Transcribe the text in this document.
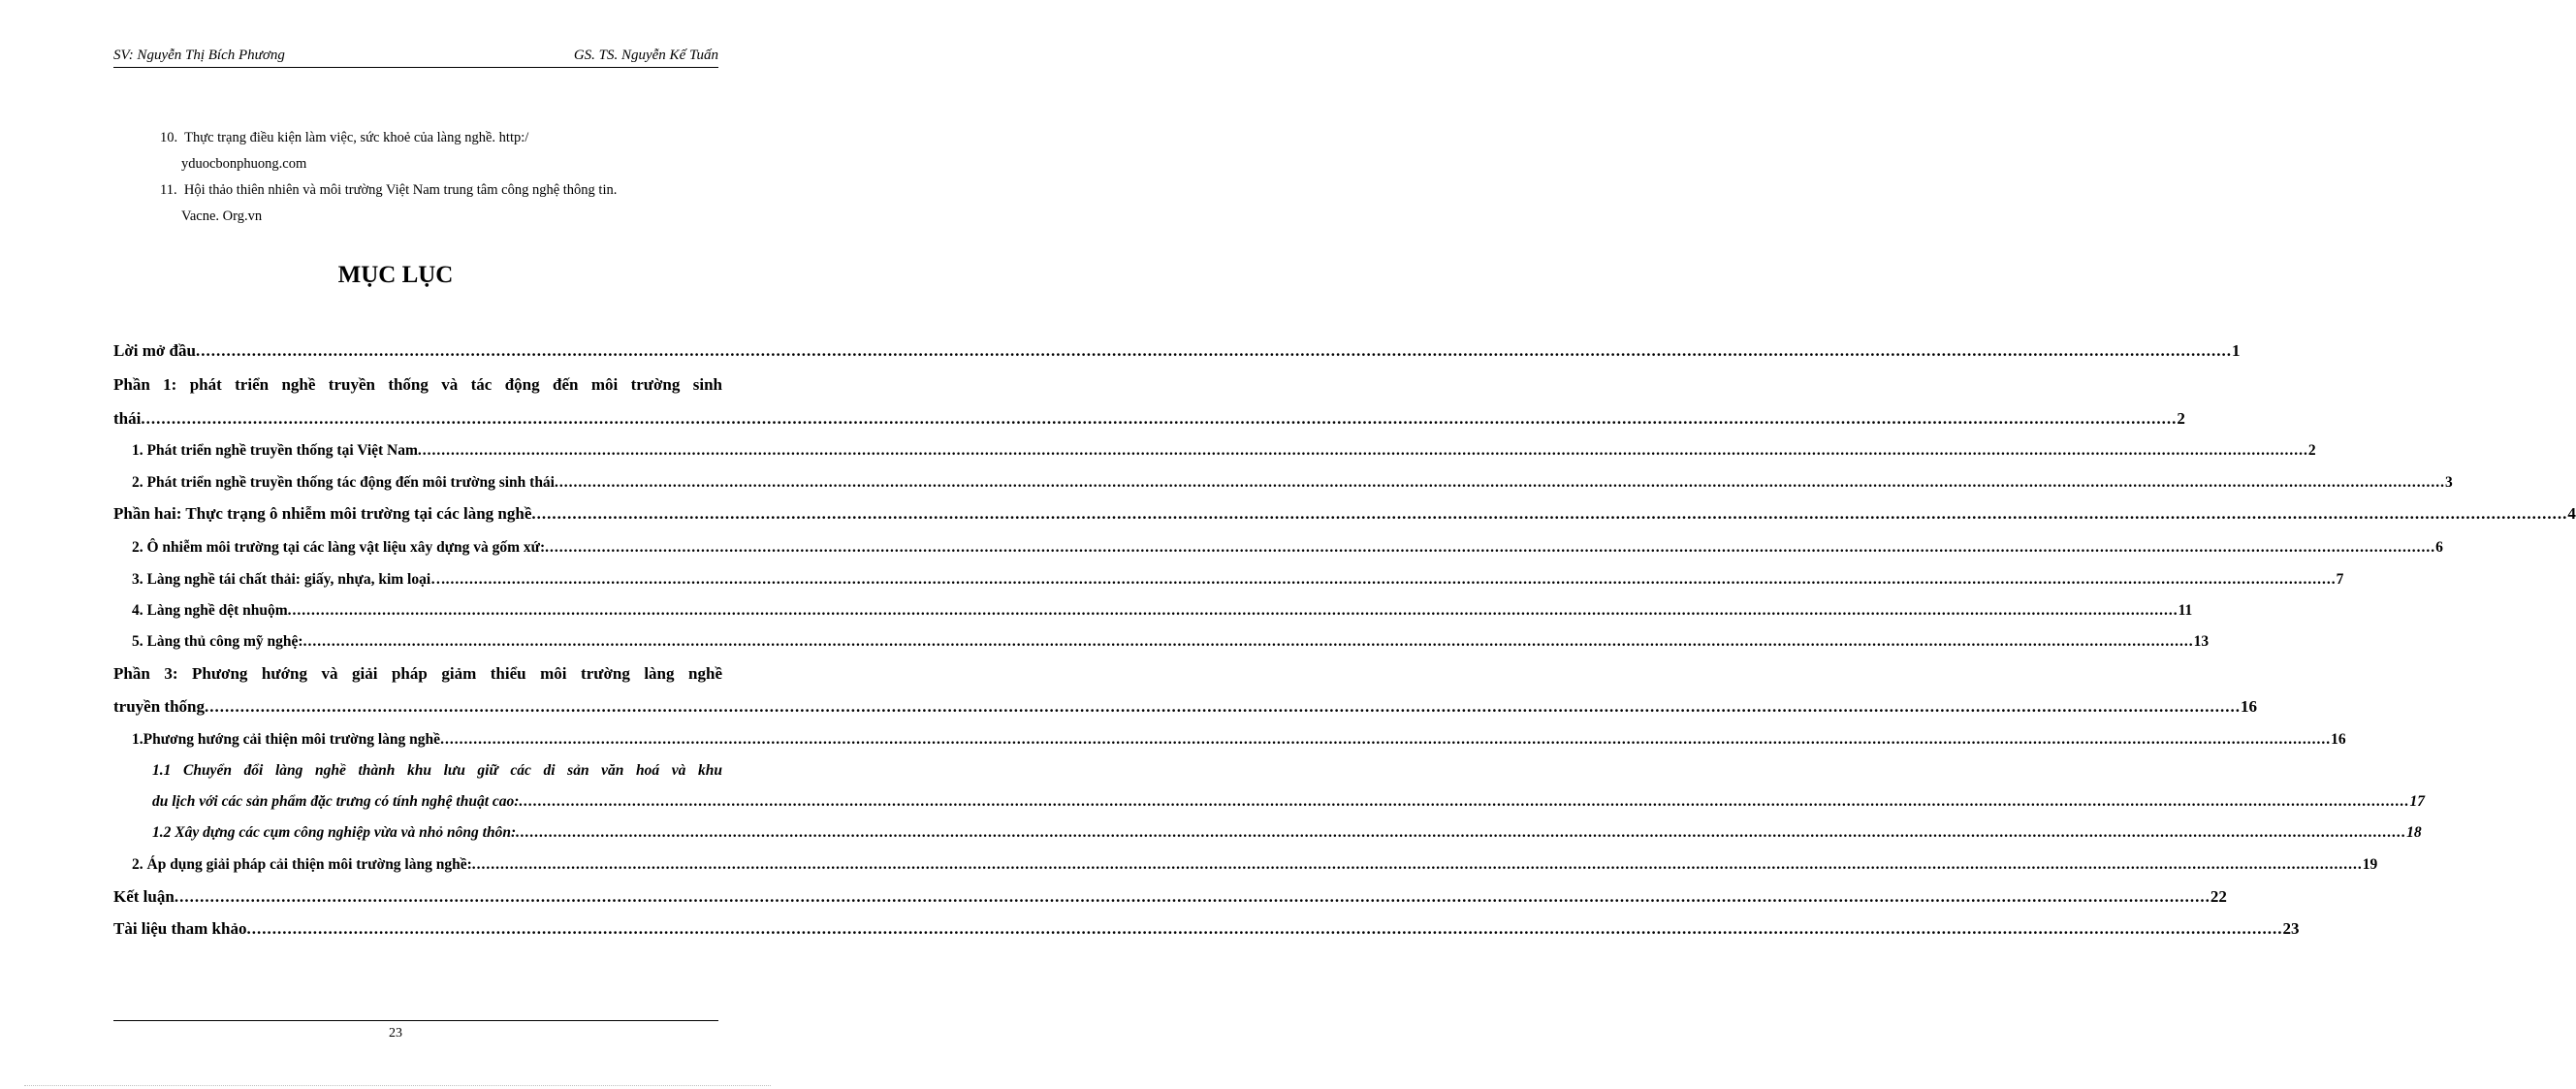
SV: Nguyễn Thị Bích Phương	GS. TS. Nguyễn Kế Tuấn
10. Thực trạng điều kiện làm việc, sức khoẻ của làng nghề. http:/
yduocbonphuong.com
11. Hội thảo thiên nhiên và môi trường Việt Nam trung tâm công nghệ thông tin.
Vacne. Org.vn
MỤC LỤC
Lời mở đầu ................................................................................................................................................................................................................................................................................................................................................................................................................ 1
Phần 1: phát triển nghề truyền thống và tác động đến môi trường sinh
thái ................................................................................................................................................................................................................................................................................................................................................................................................................ 2
1. Phát triển nghề truyền thống tại Việt Nam ................................................................................................................................................................................................................................................................................................................................................................................................................ 2
2. Phát triển nghề truyền thống tác động đến môi trường sinh thái ................................................................................................................................................................................................................................................................................................................................................................................................................ 3
Phần hai: Thực trạng ô nhiễm môi trường tại các làng nghề ................................................................................................................................................................................................................................................................................................................................................................................................................ 4
2. Ô nhiễm môi trường tại các làng vật liệu xây dựng và gốm xứ: ................................................................................................................................................................................................................................................................................................................................................................................................................ 6
3. Làng nghề tái chất thải: giấy, nhựa, kim loại… ................................................................................................................................................................................................................................................................................................................................................................................................................ 7
4. Làng nghề dệt nhuộm ................................................................................................................................................................................................................................................................................................................................................................................................................ 11
5. Làng thủ công mỹ nghệ: ................................................................................................................................................................................................................................................................................................................................................................................................................ 13
Phần 3: Phương hướng và giải pháp giảm thiểu môi trường làng nghề
truyền thống ................................................................................................................................................................................................................................................................................................................................................................................................................ 16
1.Phương hướng cải thiện môi trường làng nghề ................................................................................................................................................................................................................................................................................................................................................................................................................ 16
1.1 Chuyển đổi làng nghề thành khu lưu giữ các di sản văn hoá và khu
du lịch với các sản phẩm đặc trưng có tính nghệ thuật cao: ................................................................................................................................................................................................................................................................................................................................................................................................................ 17
1.2 Xây dựng các cụm công nghiệp vừa và nhỏ nông thôn: ................................................................................................................................................................................................................................................................................................................................................................................................................ 18
2. Áp dụng giải pháp cải thiện môi trường làng nghề: ................................................................................................................................................................................................................................................................................................................................................................................................................ 19
Kết luận ................................................................................................................................................................................................................................................................................................................................................................................................................ 22
Tài liệu tham khảo ................................................................................................................................................................................................................................................................................................................................................................................................................ 23
23
